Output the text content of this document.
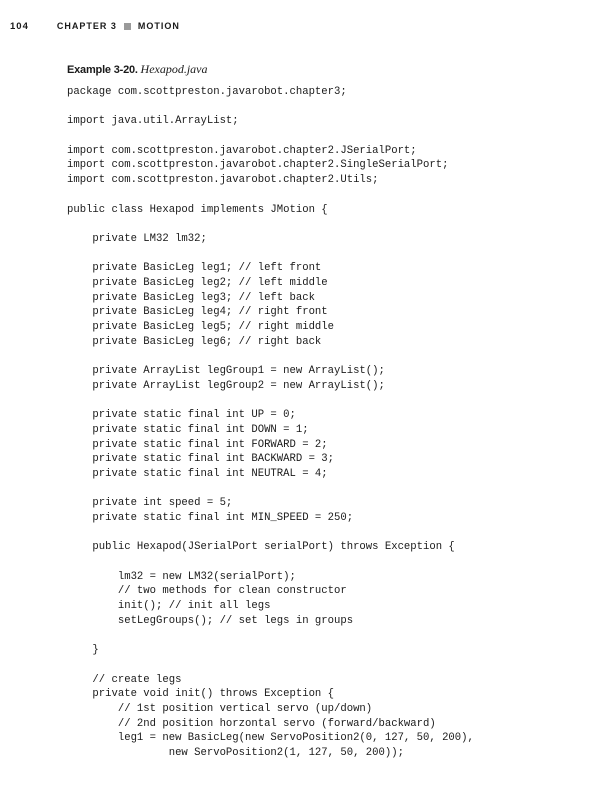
104	CHAPTER 3 MOTION
Example 3-20. Hexapod.java
package com.scottpreston.javarobot.chapter3;
import java.util.ArrayList;
import com.scottpreston.javarobot.chapter2.JSerialPort;
import com.scottpreston.javarobot.chapter2.SingleSerialPort;
import com.scottpreston.javarobot.chapter2.Utils;
public class Hexapod implements JMotion {
private LM32 lm32;
private BasicLeg leg1; // left front
private BasicLeg leg2; // left middle
private BasicLeg leg3; // left back
private BasicLeg leg4; // right front
private BasicLeg leg5; // right middle
private BasicLeg leg6; // right back
private ArrayList legGroup1 = new ArrayList();
private ArrayList legGroup2 = new ArrayList();
private static final int UP = 0;
private static final int DOWN = 1;
private static final int FORWARD = 2;
private static final int BACKWARD = 3;
private static final int NEUTRAL = 4;
private int speed = 5;
private static final int MIN_SPEED = 250;
public Hexapod(JSerialPort serialPort) throws Exception {
lm32 = new LM32(serialPort);
// two methods for clean constructor
init(); // init all legs
setLegGroups(); // set legs in groups
}
// create legs
private void init() throws Exception {
// 1st position vertical servo (up/down)
// 2nd position horzontal servo (forward/backward)
leg1 = new BasicLeg(new ServoPosition2(0, 127, 50, 200),
new ServoPosition2(1, 127, 50, 200));
